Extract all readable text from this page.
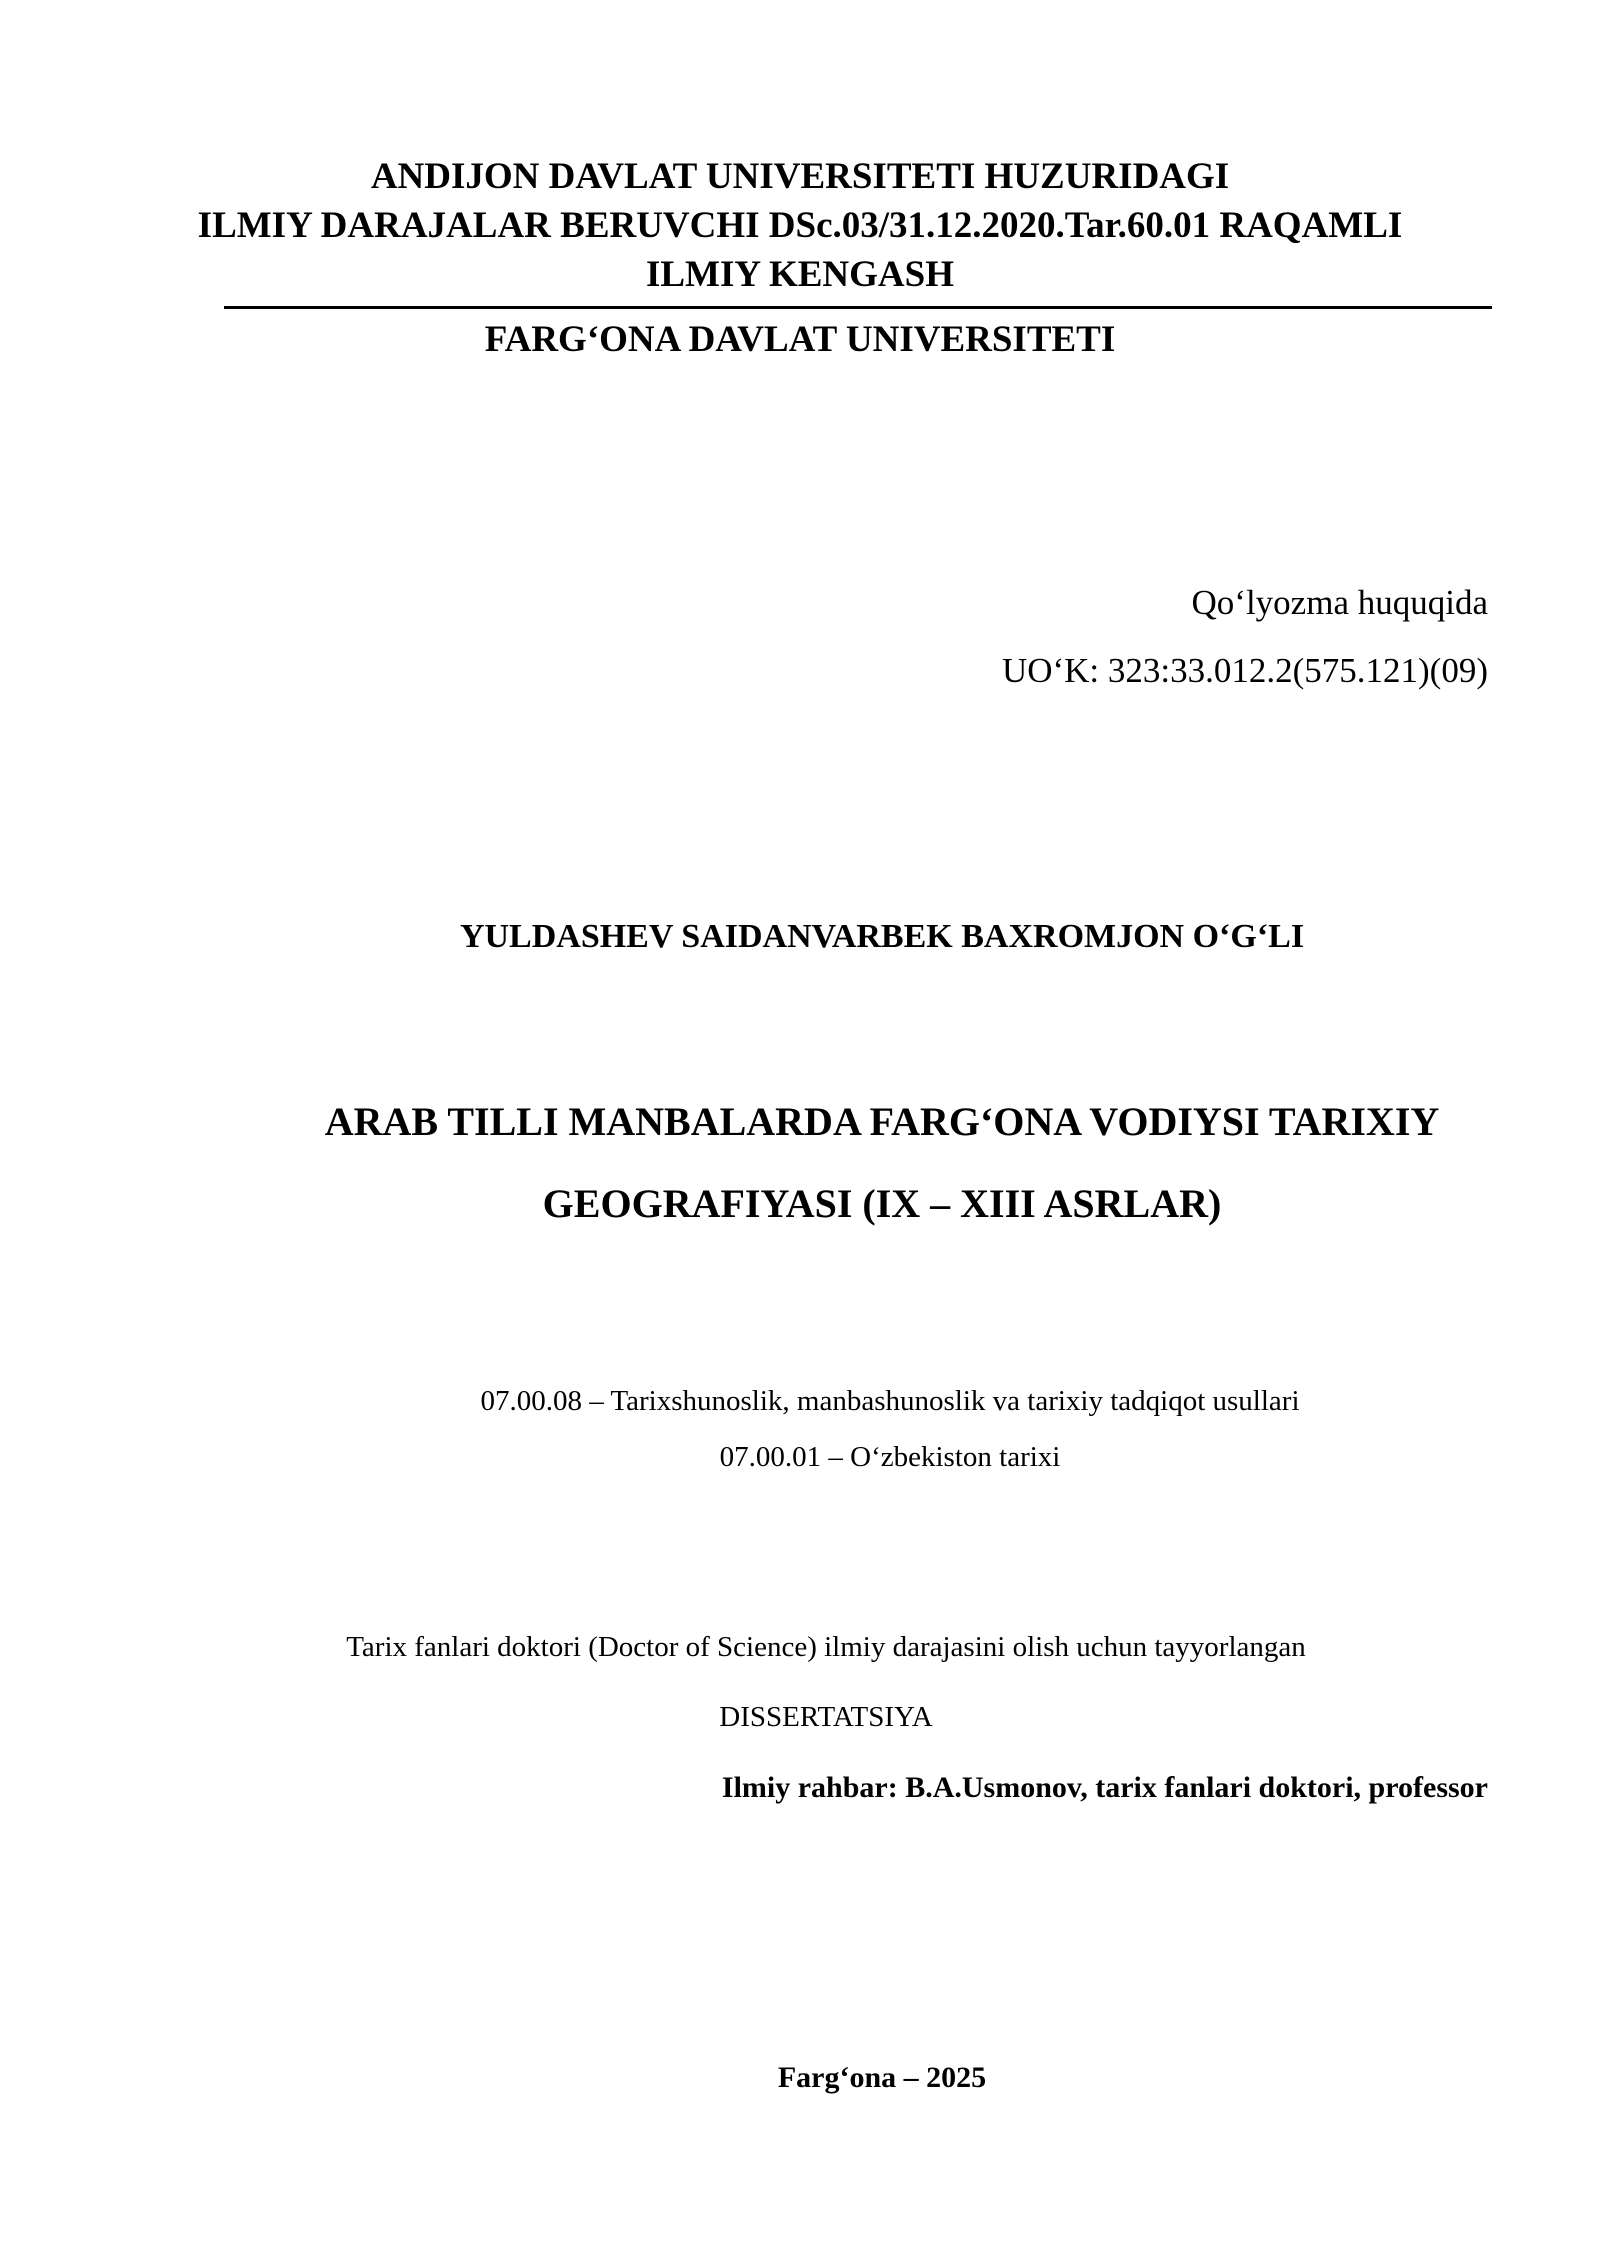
ANDIJON DAVLAT UNIVERSITETI HUZURIDAGI
ILMIY DARAJALAR BERUVCHI DSc.03/31.12.2020.Tar.60.01 RAQAMLI
ILMIY KENGASH
FARG‘ONA DAVLAT UNIVERSITETI
Qo‘lyozma huquqida
UO‘K: 323:33.012.2(575.121)(09)
YULDASHEV SAIDANVARBEK BAXROMJON O‘G‘LI
ARAB TILLI MANBALARDA FARG‘ONA VODIYSI TARIXIY
GEOGRAFIYASI (IX – XIII ASRLAR)
07.00.08 – Tarixshunoslik, manbashunoslik va tarixiy tadqiqot usullari
07.00.01 – O‘zbekiston tarixi
Tarix fanlari doktori (Doctor of Science) ilmiy darajasini olish uchun tayyorlangan
DISSERTATSIYA
Ilmiy rahbar: B.A.Usmonov, tarix fanlari doktori, professor
Farg‘ona – 2025
